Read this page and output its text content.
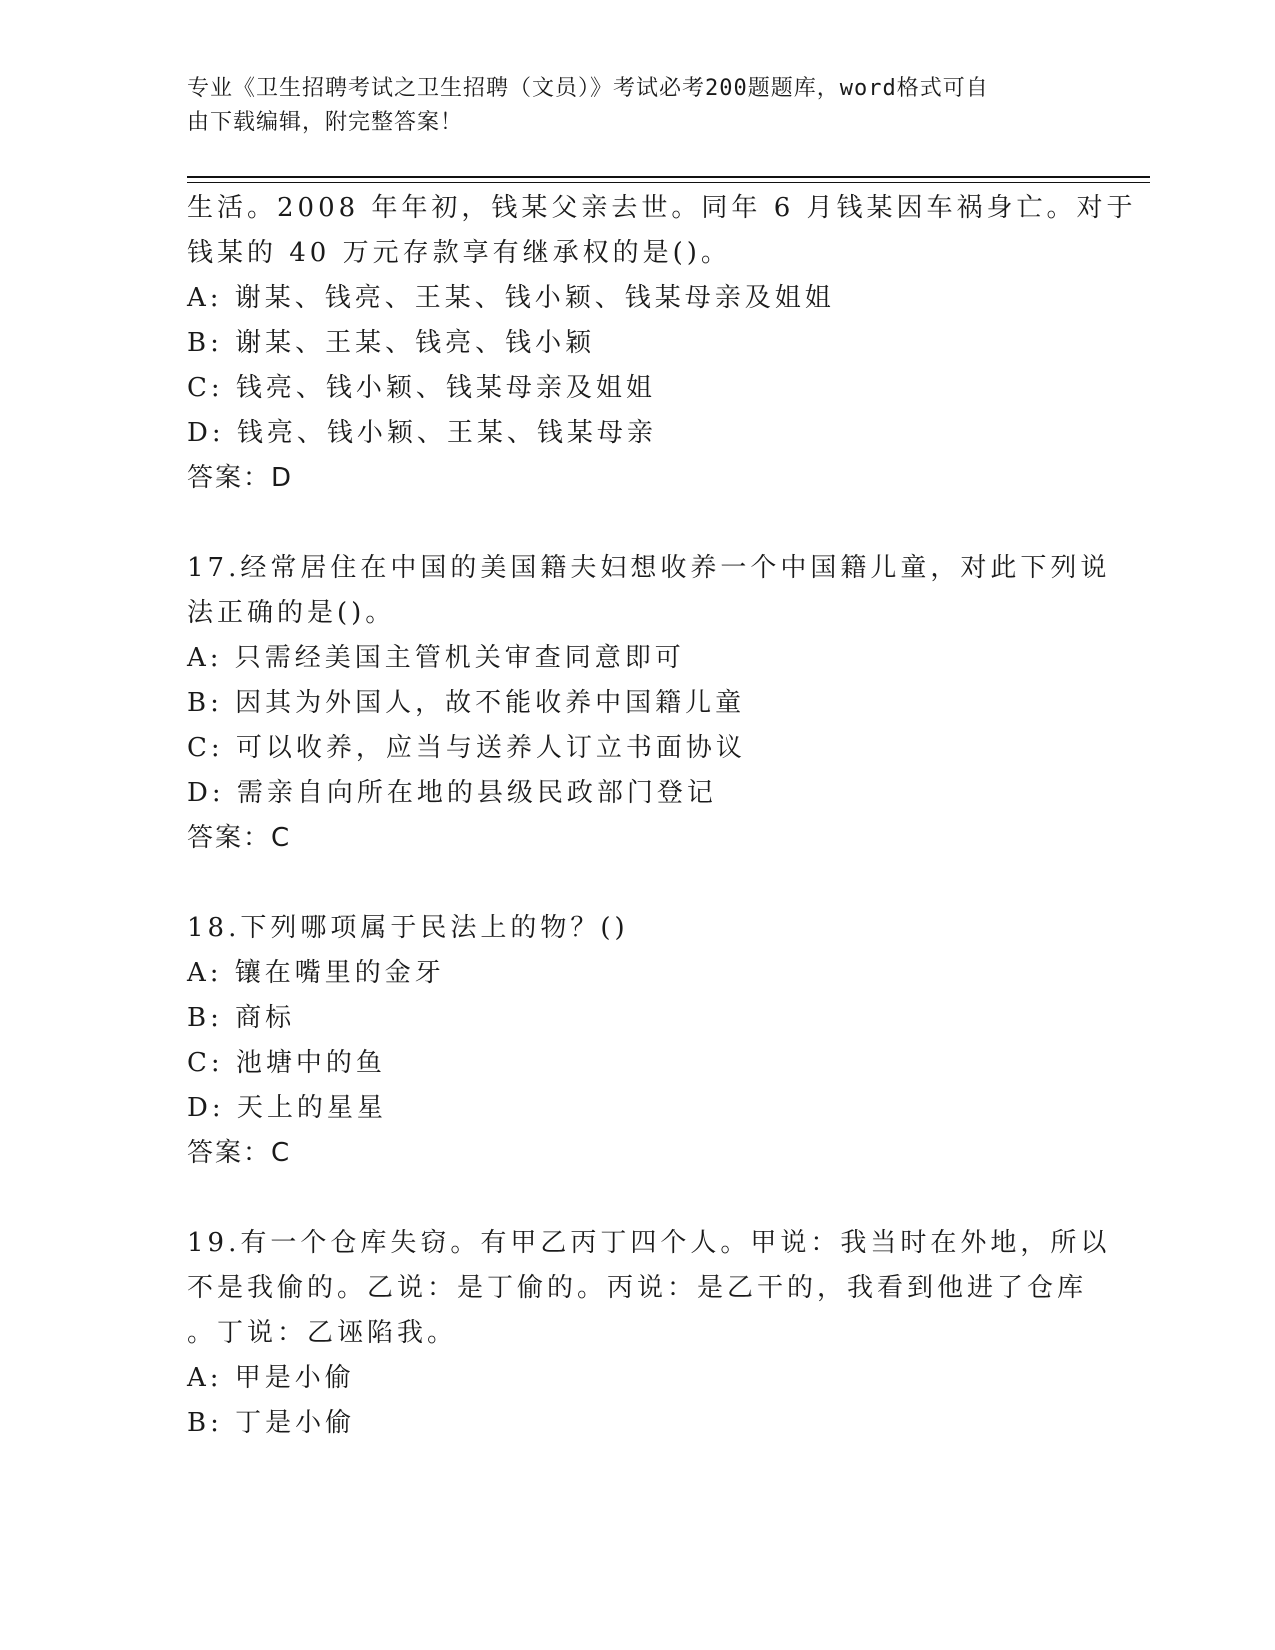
专业《卫生招聘考试之卫生招聘（文员）》考试必考200题题库，word格式可自
由下载编辑，附完整答案！
生活。2008 年年初，钱某父亲去世。同年 6 月钱某因车祸身亡。对于
钱某的 40 万元存款享有继承权的是()。
A: 谢某、钱亮、王某、钱小颖、钱某母亲及姐姐
B: 谢某、王某、钱亮、钱小颖
C: 钱亮、钱小颖、钱某母亲及姐姐
D: 钱亮、钱小颖、王某、钱某母亲
答案：D
17.经常居住在中国的美国籍夫妇想收养一个中国籍儿童，对此下列说
法正确的是()。
A: 只需经美国主管机关审查同意即可
B: 因其为外国人，故不能收养中国籍儿童
C: 可以收养，应当与送养人订立书面协议
D: 需亲自向所在地的县级民政部门登记
答案：C
18.下列哪项属于民法上的物？()
A: 镶在嘴里的金牙
B: 商标
C: 池塘中的鱼
D: 天上的星星
答案：C
19.有一个仓库失窃。有甲乙丙丁四个人。甲说：我当时在外地，所以
不是我偷的。乙说：是丁偷的。丙说：是乙干的，我看到他进了仓库
。丁说：乙诬陷我。
A: 甲是小偷
B: 丁是小偷
